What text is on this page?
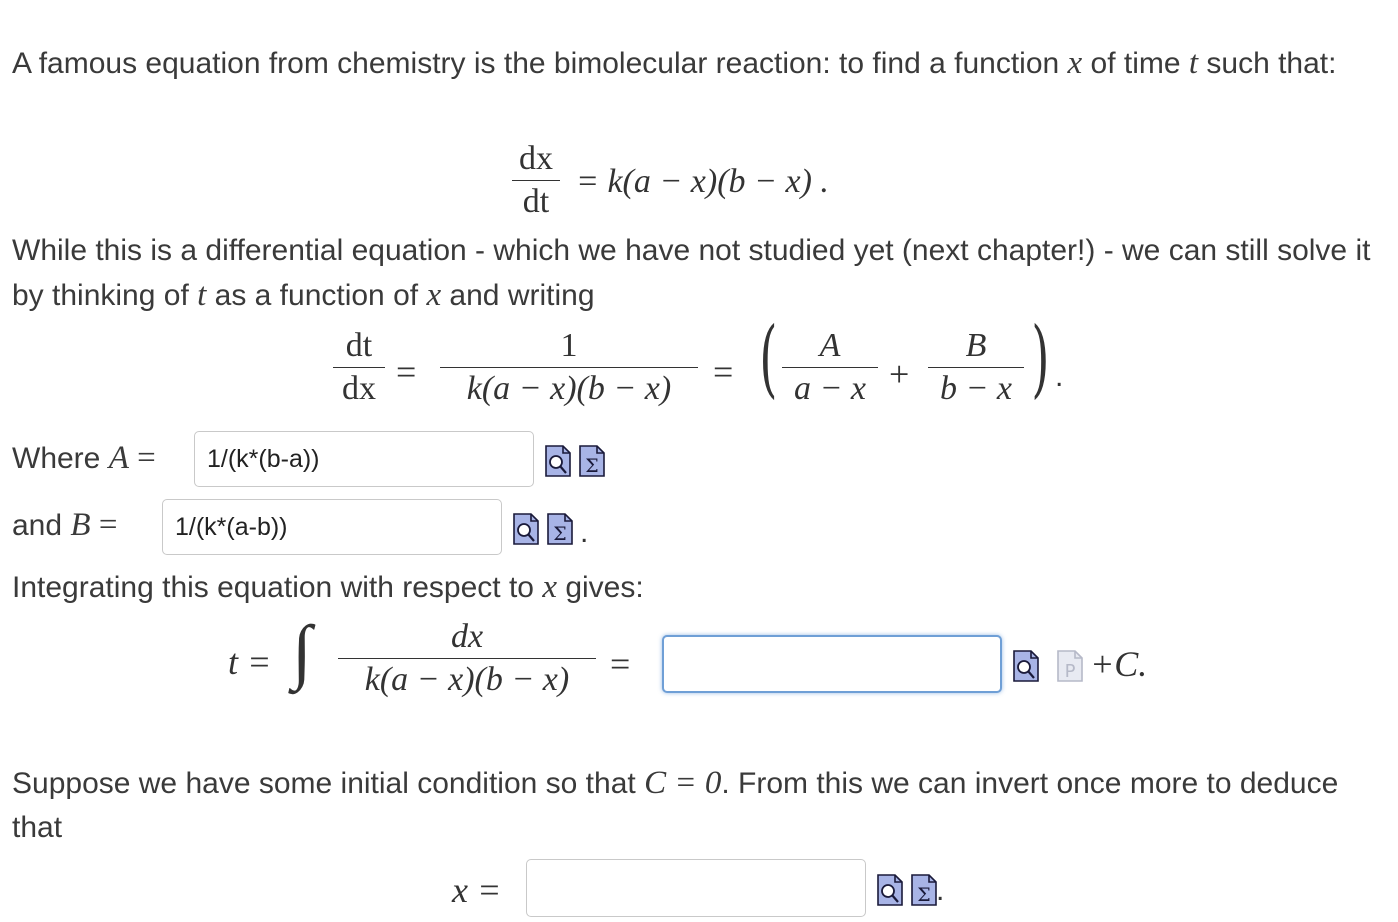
A famous equation from chemistry is the bimolecular reaction: to find a function x of time t such that:

dx
dt
= k(a − x)(b − x) .

While this is a differential equation - which we have not studied yet (next chapter!) - we can still solve it by thinking of t as a function of x and writing

dt
dx =
1
k(a − x)(b − x)	= (	A
a − x +
B
b − x ) .
Where A =
1/(k*(b-a))	Σ
and B =
1/(k*(a-b))	Σ .

Integrating this equation with respect to x gives:

t = ∫	dx
k(a − x)(b − x)	=	P +C.

Suppose we have some initial condition so that C = 0. From this we can invert once more to deduce that

x =	Σ .
